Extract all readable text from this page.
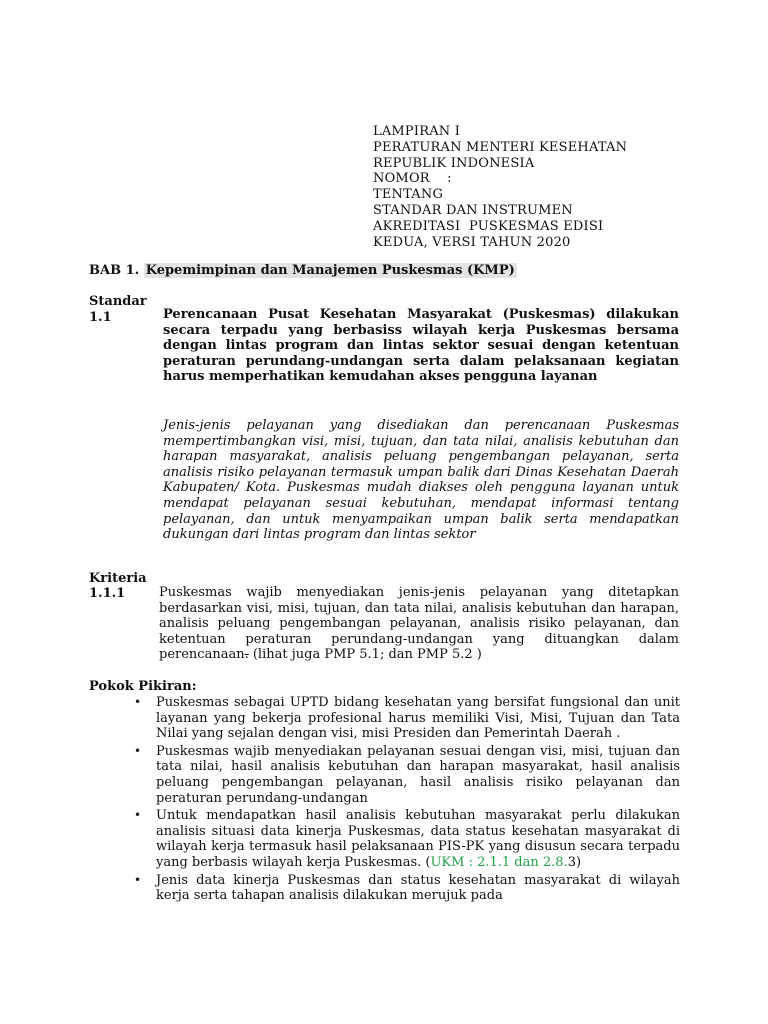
LAMPIRAN I
PERATURAN MENTERI KESEHATAN
REPUBLIK INDONESIA
NOMOR    :
TENTANG
STANDAR DAN INSTRUMEN
AKREDITASI  PUSKESMAS EDISI
KEDUA, VERSI TAHUN 2020
BAB 1. Kepemimpinan dan Manajemen Puskesmas (KMP)
Standar
1.1	Perencanaan Pusat Kesehatan Masyarakat (Puskesmas) dilakukan secara terpadu yang berbasiss wilayah kerja Puskesmas bersama dengan lintas program dan lintas sektor sesuai dengan ketentuan peraturan perundang-undangan serta dalam pelaksanaan kegiatan harus memperhatikan kemudahan akses pengguna layanan
Jenis-jenis pelayanan yang disediakan dan perencanaan Puskesmas mempertimbangkan visi, misi, tujuan, dan tata nilai, analisis kebutuhan dan harapan masyarakat, analisis peluang pengembangan pelayanan, serta analisis risiko pelayanan termasuk umpan balik dari Dinas Kesehatan Daerah Kabupaten/ Kota. Puskesmas mudah diakses oleh pengguna layanan untuk mendapat pelayanan sesuai kebutuhan, mendapat informasi tentang pelayanan, dan untuk menyampaikan umpan balik serta mendapatkan dukungan dari lintas program dan lintas sektor
Kriteria
1.1.1	Puskesmas wajib menyediakan jenis-jenis pelayanan yang ditetapkan berdasarkan visi, misi, tujuan, dan tata nilai, analisis kebutuhan dan harapan, analisis peluang pengembangan pelayanan, analisis risiko pelayanan, dan ketentuan peraturan perundang-undangan yang dituangkan dalam perencanaan. (lihat juga PMP 5.1; dan PMP 5.2 )
Pokok Pikiran:
• Puskesmas sebagai UPTD bidang kesehatan yang bersifat fungsional dan unit layanan yang bekerja profesional harus memiliki Visi, Misi, Tujuan dan Tata Nilai yang sejalan dengan visi, misi Presiden dan Pemerintah Daerah .
• Puskesmas wajib menyediakan pelayanan sesuai dengan visi, misi, tujuan dan tata nilai, hasil analisis kebutuhan dan harapan masyarakat, hasil analisis peluang pengembangan pelayanan, hasil analisis risiko pelayanan dan peraturan perundang-undangan
• Untuk mendapatkan hasil analisis kebutuhan masyarakat perlu dilakukan analisis situasi data kinerja Puskesmas, data status kesehatan masyarakat di wilayah kerja termasuk hasil pelaksanaan PIS-PK yang disusun secara terpadu yang berbasis wilayah kerja Puskesmas. (UKM : 2.1.1 dan 2.8.3)
• Jenis data kinerja Puskesmas dan status kesehatan masyarakat di wilayah kerja serta tahapan analisis dilakukan merujuk pada
